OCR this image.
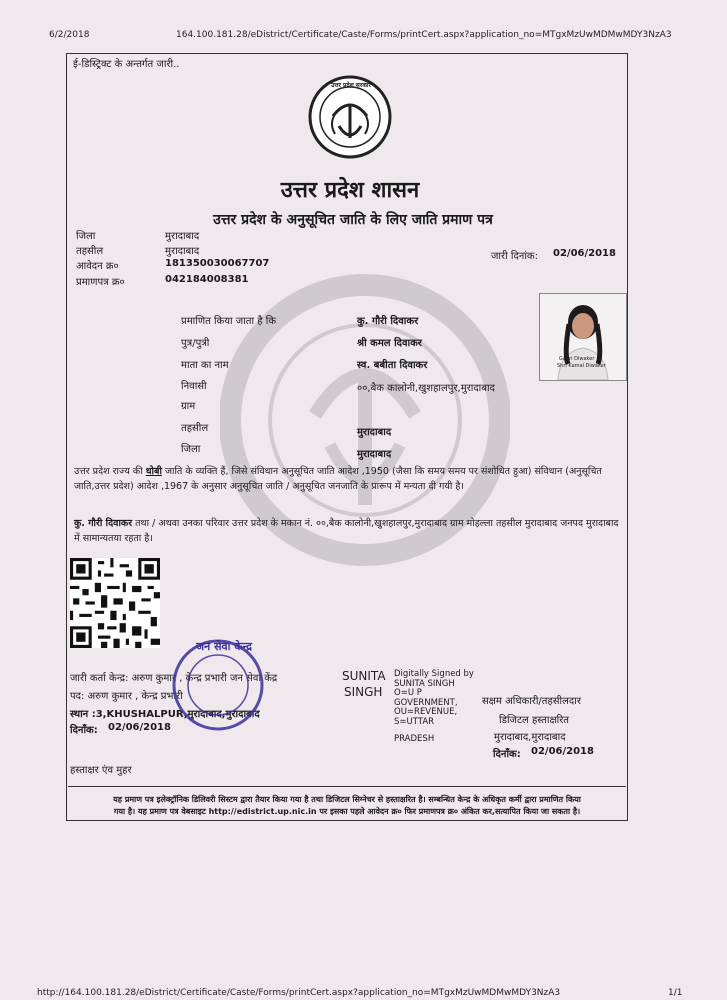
6/2/2018	164.100.181.28/eDistrict/Certificate/Caste/Forms/printCert.aspx?application_no=MTgxMzUwMDMwMDY3NzA3
ई-डिस्ट्रिक्ट के अन्तर्गत जारी..
उत्तर प्रदेश सरकार
उत्तर प्रदेश शासन
उत्तर प्रदेश के अनुसूचित जाति के लिए जाति प्रमाण पत्र
जिला	मुरादाबाद
तहसील	मुरादाबाद
आवेदन क्र०	181350030067707
प्रमाणपत्र क्र०	042184008381
जारी दिनांक: 02/06/2018
Gauri Diwaker
Shri Kamal Diwaker
प्रमाणित किया जाता है कि	कु. गौरी दिवाकर
पुत्र/पुत्री	श्री कमल दिवाकर
माता का नाम	स्व. बबीता दिवाकर
निवासी	००,बैक कालोनी,खुशहालपुर,मुरादाबाद
ग्राम
तहसील	मुरादाबाद
जिला	मुरादाबाद
उत्तर प्रदेश राज्य की धोबी जाति के व्यक्ति हैं, जिसे संविधान अनुसूचित जाति आदेश ,1950 (जैसा कि समय समय पर संशोधित हुआ) संविधान (अनुसूचित जाति,उत्तर प्रदेश) आदेश ,1967 के अनुसार अनुसूचित जाति / अनुसूचित जनजाति के प्रारूप में मन्यता दी गयी है।
कु. गौरी दिवाकर तथा / अथवा उनका परिवार उत्तर प्रदेश के मकान नं. ००,बैक कालोनी,खुशहालपुर,मुरादाबाद ग्राम मोहल्ला तहसील मुरादाबाद जनपद मुरादाबाद में सामान्यतया रहता है।
जारी कर्ता केन्द्र: अरुण कुमार , केन्द्र प्रभारी जन सेवा केंद्र
पद: अरुण कुमार , केन्द्र प्रभारी
स्थान :3,KHUSHALPUR,मुरादाबाद,मुरादाबाद
दिनाँक: 02/06/2018
हस्ताक्षर एंव मुहर
जन सेवा केन्द्र
SUNITA
SINGH
Digitally Signed by
SUNITA SINGH
O=U P
GOVERNMENT,
OU=REVENUE,
S=UTTAR
PRADESH
सक्षम अधिकारी/तहसीलदार
डिजिटल हस्ताक्षरित
मुरादाबाद,मुरादाबाद
दिनाँक: 02/06/2018
यह प्रमाण पत्र इलेक्ट्रॉनिक डिलिवरी सिस्टम द्वारा तैयार किया गया है तथा डिजिटल सिग्नेचर से हस्ताक्षरित है। सम्बन्धित केन्द्र के अधिकृत कर्मी द्वारा प्रमाणित किया
गया है। यह प्रमाण पत्र वेबसाइट http://edistrict.up.nic.in पर इसका पहले आवेदन क्र० फिर प्रमाणपत्र क्र० अंकित कर,सत्यापित किया जा सकता है।
http://164.100.181.28/eDistrict/Certificate/Caste/Forms/printCert.aspx?application_no=MTgxMzUwMDMwMDY3NzA3	1/1
